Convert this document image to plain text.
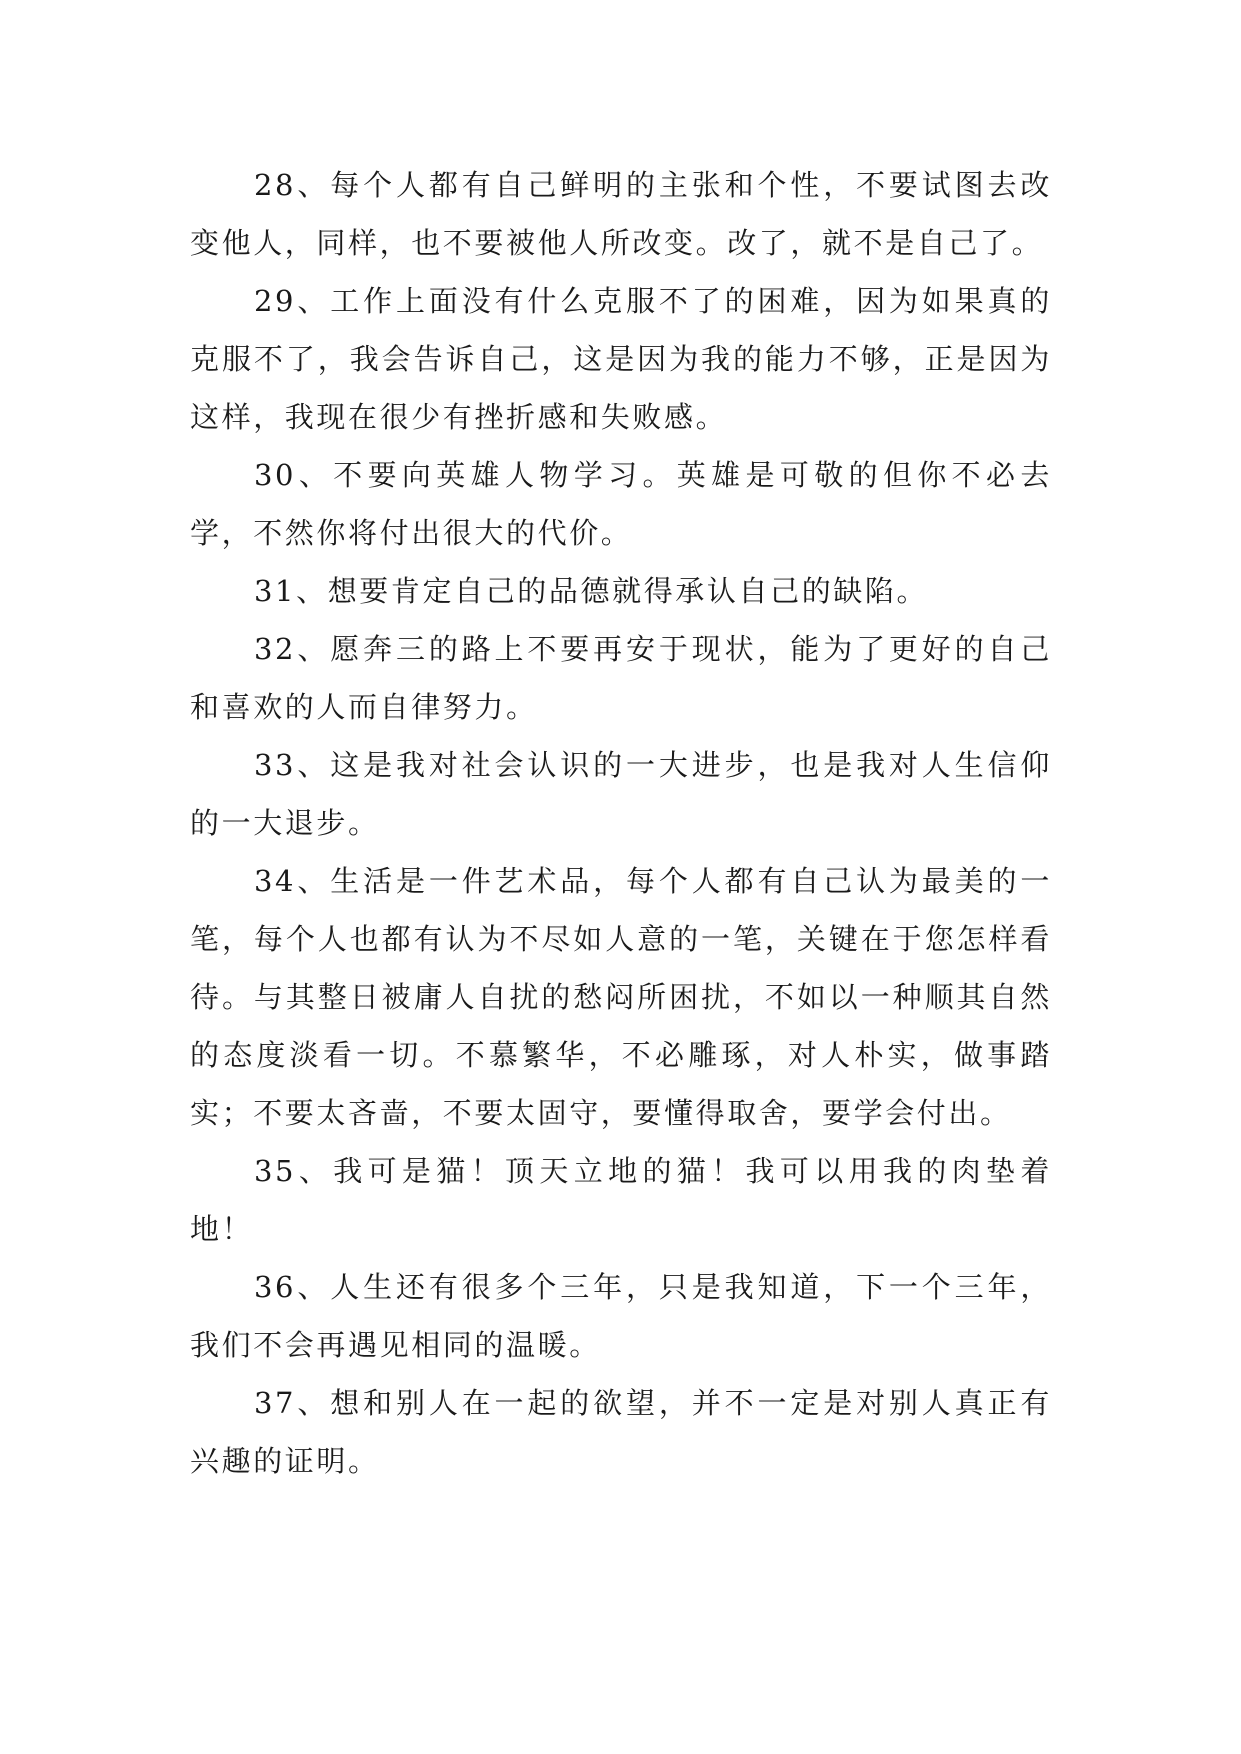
28、每个人都有自己鲜明的主张和个性，不要试图去改变他人，同样，也不要被他人所改变。改了，就不是自己了。

29、工作上面没有什么克服不了的困难，因为如果真的克服不了，我会告诉自己，这是因为我的能力不够，正是因为这样，我现在很少有挫折感和失败感。

30、不要向英雄人物学习。英雄是可敬的但你不必去学，不然你将付出很大的代价。

31、想要肯定自己的品德就得承认自己的缺陷。

32、愿奔三的路上不要再安于现状，能为了更好的自己和喜欢的人而自律努力。

33、这是我对社会认识的一大进步，也是我对人生信仰的一大退步。

34、生活是一件艺术品，每个人都有自己认为最美的一笔，每个人也都有认为不尽如人意的一笔，关键在于您怎样看待。与其整日被庸人自扰的愁闷所困扰，不如以一种顺其自然的态度淡看一切。不慕繁华，不必雕琢，对人朴实，做事踏实；不要太吝啬，不要太固守，要懂得取舍，要学会付出。

35、我可是猫！顶天立地的猫！我可以用我的肉垫着地！

36、人生还有很多个三年，只是我知道，下一个三年，我们不会再遇见相同的温暖。

37、想和别人在一起的欲望，并不一定是对别人真正有兴趣的证明。
